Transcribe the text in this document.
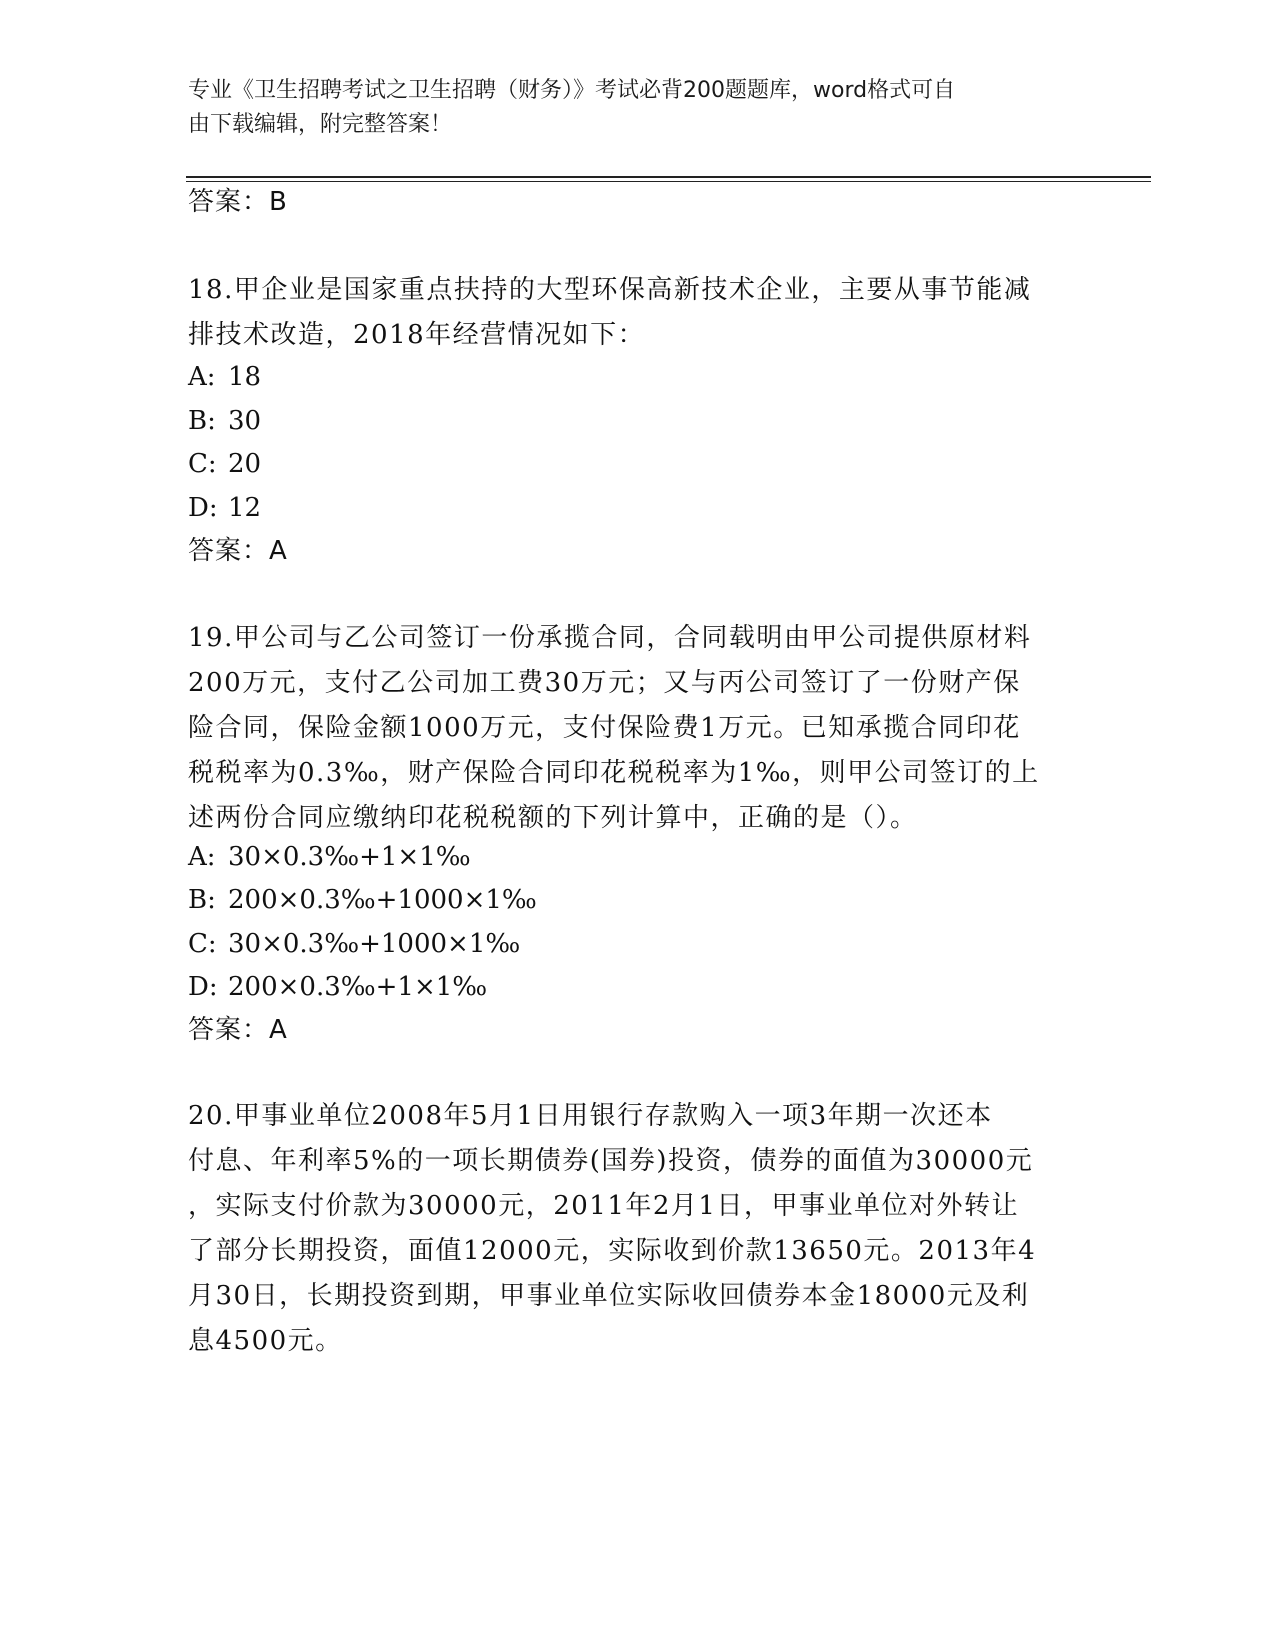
专业《卫生招聘考试之卫生招聘（财务）》考试必背200题题库，word格式可自
由下载编辑，附完整答案！
答案：B
18.甲企业是国家重点扶持的大型环保高新技术企业，主要从事节能减
排技术改造，2018年经营情况如下：
A: 18
B: 30
C: 20
D: 12
答案：A
19.甲公司与乙公司签订一份承揽合同，合同载明由甲公司提供原材料
200万元，支付乙公司加工费30万元；又与丙公司签订了一份财产保
险合同，保险金额1000万元，支付保险费1万元。已知承揽合同印花
税税率为0.3‰，财产保险合同印花税税率为1‰，则甲公司签订的上
述两份合同应缴纳印花税税额的下列计算中，正确的是（）。
A: 30×0.3‰+1×1‰
B: 200×0.3‰+1000×1‰
C: 30×0.3‰+1000×1‰
D: 200×0.3‰+1×1‰
答案：A
20.甲事业单位2008年5月1日用银行存款购入一项3年期一次还本
付息、年利率5%的一项长期债券(国券)投资，债券的面值为30000元
，实际支付价款为30000元，2011年2月1日，甲事业单位对外转让
了部分长期投资，面值12000元，实际收到价款13650元。2013年4
月30日，长期投资到期，甲事业单位实际收回债券本金18000元及利
息4500元。
